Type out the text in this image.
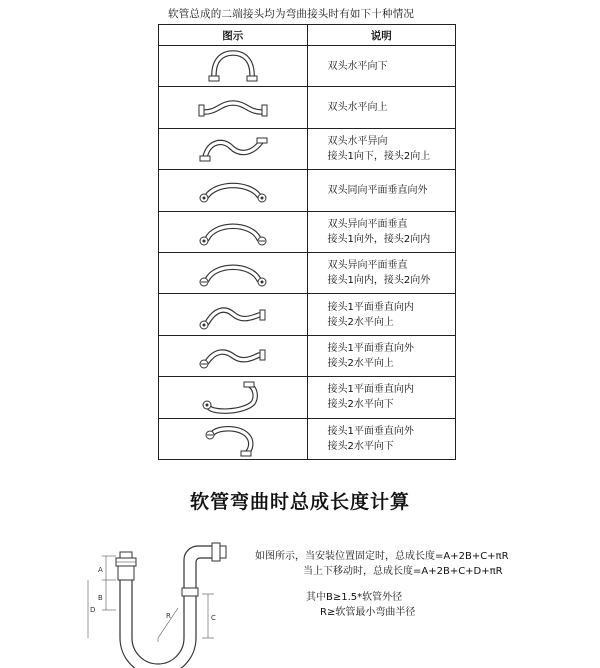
软管总成的二端接头均为弯曲接头时有如下十种情况
图示	说明

双头水平向下

双头水平向上

双头水平异向
接头1向下，接头2向上

双头同向平面垂直向外

双头异向平面垂直
接头1向外，接头2向内

双头异向平面垂直
接头1向内，接头2向外

接头1平面垂直向内
接头2水平向上

接头1平面垂直向外
接头2水平向上

接头1平面垂直向内
接头2水平向下

接头1平面垂直向外
接头2水平向下
软管弯曲时总成长度计算
A
B
C
R
D
如图所示，当安装位置固定时，总成长度=A+2B+C+πR
当上下移动时，总成长度=A+2B+C+D+πR
其中B≥1.5*软管外径
R≥软管最小弯曲半径
